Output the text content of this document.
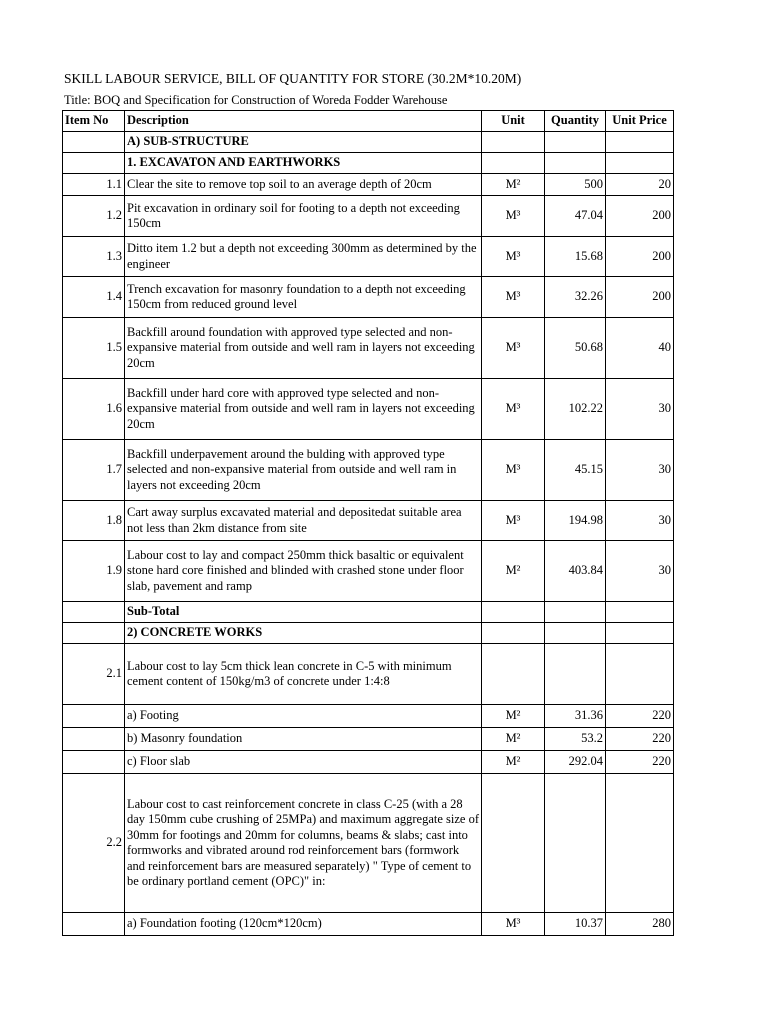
SKILL LABOUR SERVICE, BILL OF QUANTITY FOR STORE (30.2M*10.20M)
Title: BOQ and Specification for Construction of Woreda Fodder Warehouse
Item No	Description	Unit	Quantity	Unit Price
	A) SUB-STRUCTURE			
	1. EXCAVATON AND EARTHWORKS			
1.1	Clear the site to remove top soil to an average depth of 20cm	M²	500	20
1.2	Pit excavation in ordinary soil for footing to a depth not exceeding 150cm	M³	47.04	200
1.3	Ditto item 1.2 but a depth not exceeding 300mm as determined by the engineer	M³	15.68	200
1.4	Trench excavation for masonry foundation to a depth not exceeding 150cm from reduced ground level	M³	32.26	200
1.5	Backfill around foundation with approved type selected and non-expansive material from outside and well ram in layers not exceeding 20cm	M³	50.68	40
1.6	Backfill under hard core with approved type selected and non-expansive material from outside and well ram in layers not exceeding 20cm	M³	102.22	30
1.7	Backfill underpavement around the bulding with approved type selected and non-expansive material from outside and well ram in layers not exceeding 20cm	M³	45.15	30
1.8	Cart away surplus excavated material and depositedat suitable area not less than 2km distance from site	M³	194.98	30
1.9	Labour cost to lay and compact 250mm thick basaltic or equivalent stone hard core finished and blinded with crashed stone under floor slab, pavement and ramp	M²	403.84	30
	Sub-Total			
	2) CONCRETE WORKS			
2.1	Labour cost to lay 5cm thick lean concrete in C-5 with minimum cement content of 150kg/m3 of concrete under 1:4:8			
	a) Footing	M²	31.36	220
	b) Masonry foundation	M²	53.2	220
	c) Floor slab	M²	292.04	220
2.2	Labour cost to cast reinforcement concrete in class C-25 (with a 28 day 150mm cube crushing of 25MPa) and maximum aggregate size of 30mm for footings and 20mm for columns, beams & slabs; cast into formworks and vibrated around rod reinforcement bars (formwork and reinforcement bars are measured separately) " Type of cement to be ordinary portland cement (OPC)" in:			
	a) Foundation footing (120cm*120cm)	M³	10.37	280
